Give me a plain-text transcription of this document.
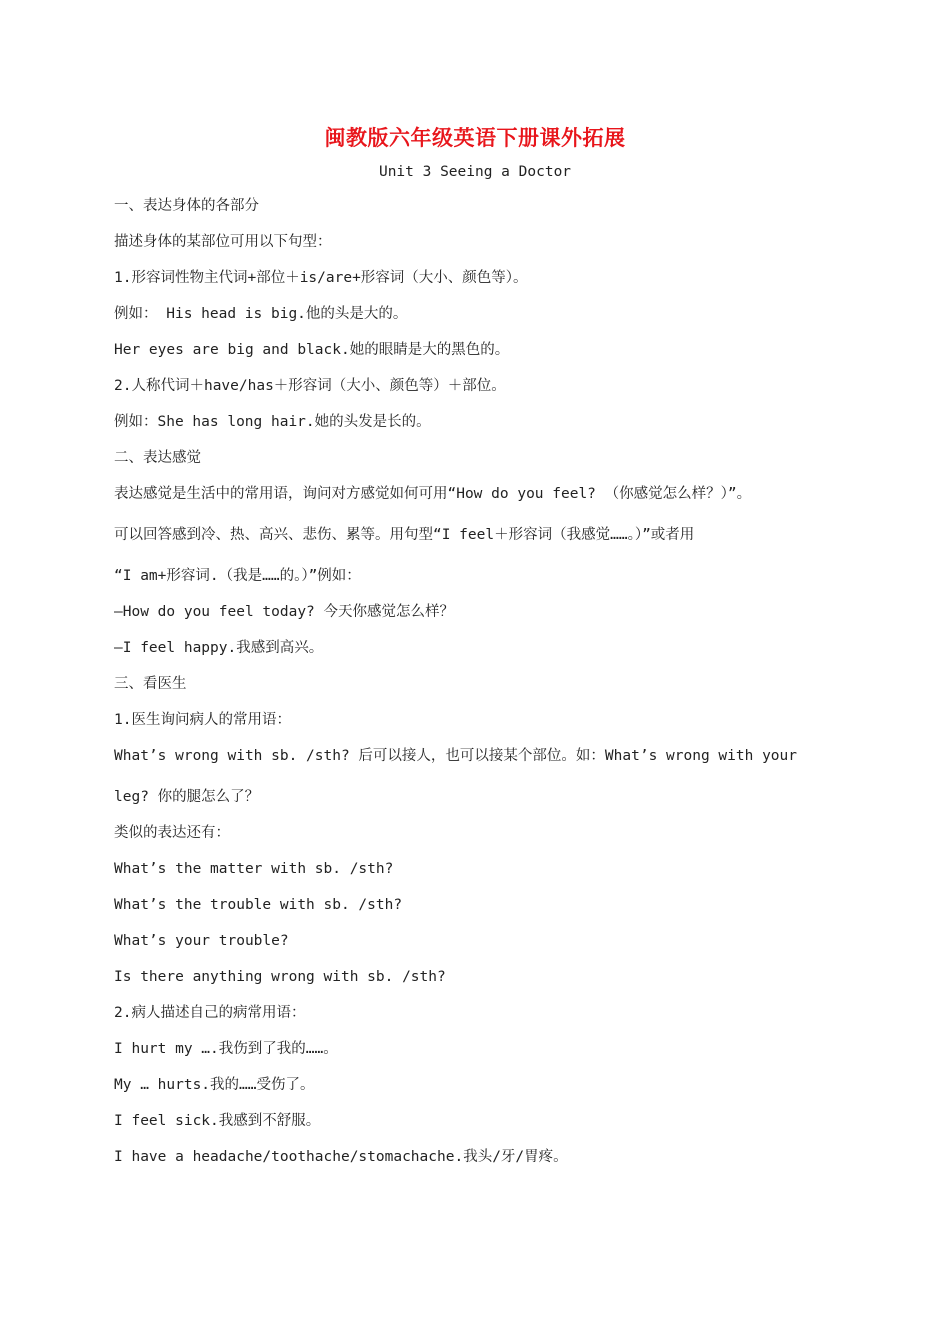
闽教版六年级英语下册课外拓展
Unit 3 Seeing a Doctor
一、表达身体的各部分
描述身体的某部位可用以下句型：
1.形容词性物主代词+部位＋is/are+形容词（大小、颜色等）。
例如： His head is big.他的头是大的。
Her eyes are big and black.她的眼睛是大的黑色的。
2.人称代词＋have/has＋形容词（大小、颜色等）＋部位。
例如：She has long hair.她的头发是长的。
二、表达感觉
表达感觉是生活中的常用语，询问对方感觉如何可用“How do you feel? （你感觉怎么样？）”。
可以回答感到冷、热、高兴、悲伤、累等。用句型“I feel＋形容词（我感觉……。）”或者用
“I am+形容词.（我是……的。）”例如：
—How do you feel today? 今天你感觉怎么样？
—I feel happy.我感到高兴。
三、看医生
1.医生询问病人的常用语：
What’s wrong with sb. /sth? 后可以接人，也可以接某个部位。如：What’s wrong with your
leg? 你的腿怎么了？
类似的表达还有：
What’s the matter with sb. /sth?
What’s the trouble with sb. /sth?
What’s your trouble?
Is there anything wrong with sb. /sth?
2.病人描述自己的病常用语：
I hurt my ….我伤到了我的……。
My … hurts.我的……受伤了。
I feel sick.我感到不舒服。
I have a headache/toothache/stomachache.我头/牙/胃疼。
